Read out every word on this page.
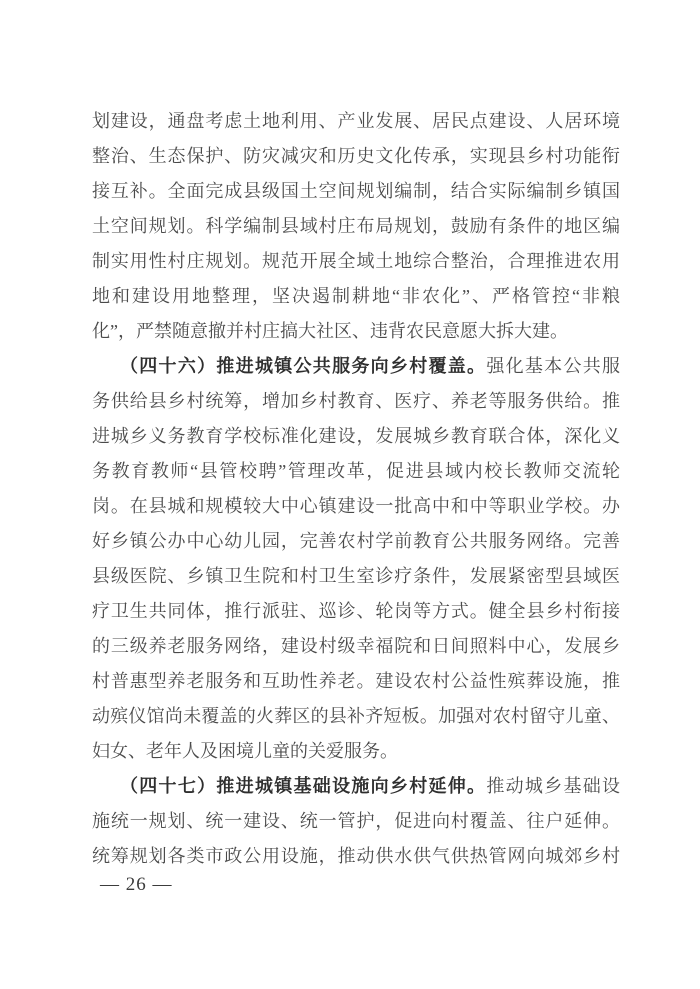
划建设，通盘考虑土地利用、产业发展、居民点建设、人居环境
整治、生态保护、防灾减灾和历史文化传承，实现县乡村功能衔
接互补。全面完成县级国土空间规划编制，结合实际编制乡镇国
土空间规划。科学编制县域村庄布局规划，鼓励有条件的地区编
制实用性村庄规划。规范开展全域土地综合整治，合理推进农用
地和建设用地整理，坚决遏制耕地“非农化”、严格管控“非粮
化”，严禁随意撤并村庄搞大社区、违背农民意愿大拆大建。
（四十六）推进城镇公共服务向乡村覆盖。强化基本公共服
务供给县乡村统筹，增加乡村教育、医疗、养老等服务供给。推
进城乡义务教育学校标准化建设，发展城乡教育联合体，深化义
务教育教师“县管校聘”管理改革，促进县域内校长教师交流轮
岗。在县城和规模较大中心镇建设一批高中和中等职业学校。办
好乡镇公办中心幼儿园，完善农村学前教育公共服务网络。完善
县级医院、乡镇卫生院和村卫生室诊疗条件，发展紧密型县域医
疗卫生共同体，推行派驻、巡诊、轮岗等方式。健全县乡村衔接
的三级养老服务网络，建设村级幸福院和日间照料中心，发展乡
村普惠型养老服务和互助性养老。建设农村公益性殡葬设施，推
动殡仪馆尚未覆盖的火葬区的县补齐短板。加强对农村留守儿童、
妇女、老年人及困境儿童的关爱服务。
（四十七）推进城镇基础设施向乡村延伸。推动城乡基础设
施统一规划、统一建设、统一管护，促进向村覆盖、往户延伸。
统筹规划各类市政公用设施，推动供水供气供热管网向城郊乡村
— 26 —
